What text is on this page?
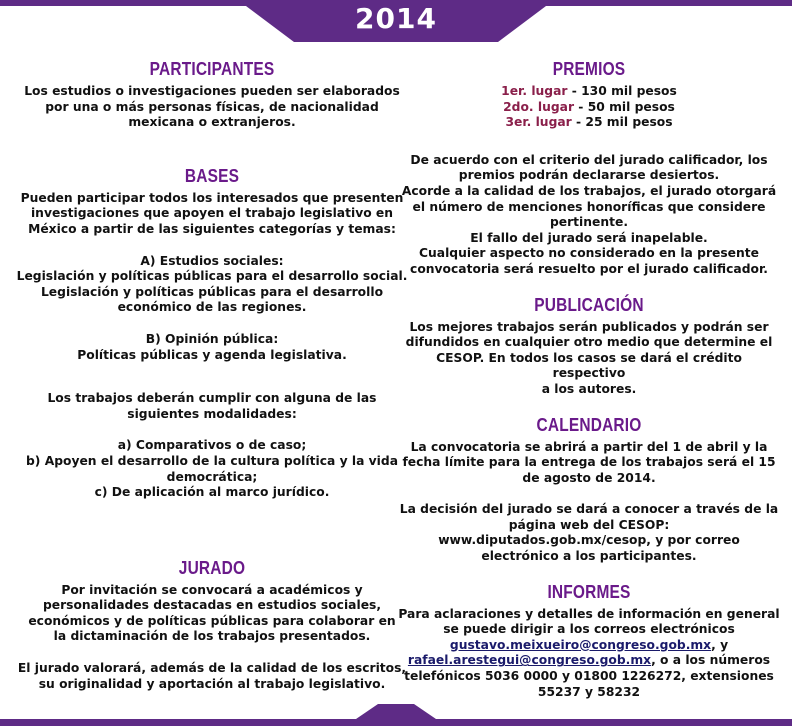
2014
PARTICIPANTES

Los estudios o investigaciones pueden ser elaborados
por una o más personas físicas, de nacionalidad
mexicana o extranjeros.

BASES

Pueden participar todos los interesados que presenten
investigaciones que apoyen el trabajo legislativo en
México a partir de las siguientes categorías y temas:

A) Estudios sociales:
Legislación y políticas públicas para el desarrollo social.
Legislación y políticas públicas para el desarrollo
económico de las regiones.

B) Opinión pública:
Políticas públicas y agenda legislativa.

Los trabajos deberán cumplir con alguna de las
siguientes modalidades:

a) Comparativos o de caso;
b) Apoyen el desarrollo de la cultura política y la vida
democrática;
c) De aplicación al marco jurídico.

JURADO

Por invitación se convocará a académicos y
personalidades destacadas en estudios sociales,
económicos y de políticas públicas para colaborar en
la dictaminación de los trabajos presentados.

El jurado valorará, además de la calidad de los escritos,
su originalidad y aportación al trabajo legislativo.

PREMIOS

1er. lugar - 130 mil pesos
2do. lugar - 50 mil pesos
3er. lugar - 25 mil pesos

De acuerdo con el criterio del jurado calificador, los
premios podrán declararse desiertos.
Acorde a la calidad de los trabajos, el jurado otorgará
el número de menciones honoríficas que considere
pertinente.
El fallo del jurado será inapelable.
Cualquier aspecto no considerado en la presente
convocatoria será resuelto por el jurado calificador.

PUBLICACIÓN

Los mejores trabajos serán publicados y podrán ser
difundidos en cualquier otro medio que determine el
CESOP. En todos los casos se dará el crédito respectivo
a los autores.

CALENDARIO

La convocatoria se abrirá a partir del 1 de abril y la
fecha límite para la entrega de los trabajos será el 15
de agosto de 2014.

La decisión del jurado se dará a conocer a través de la
página web del CESOP:
www.diputados.gob.mx/cesop, y por correo
electrónico a los participantes.

INFORMES

Para aclaraciones y detalles de información en general
se puede dirigir a los correos electrónicos
gustavo.meixueiro@congreso.gob.mx, y
rafael.arestegui@congreso.gob.mx, o a los números
telefónicos 5036 0000 y 01800 1226272, extensiones
55237 y 58232
